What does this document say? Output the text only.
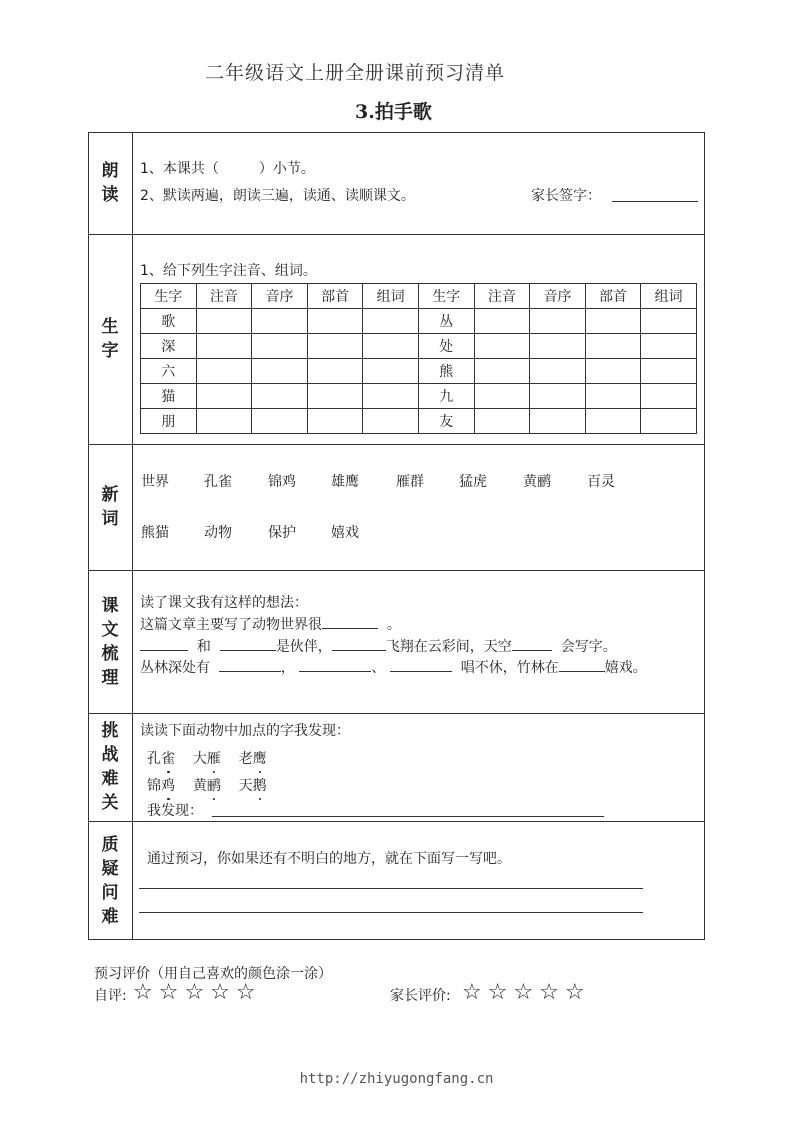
二年级语文上册全册课前预习清单
3.拍手歌
朗
读
1、本课共（	）小节。
2、默读两遍，朗读三遍，读通、读顺课文。	家长签字：
生
字
1、给下列生字注音、组词。
生字	注音	音序	部首	组词	生字	注音	音序	部首	组词
歌					丛				
深					处				
六					熊				
猫					九				
朋					友				
新
词
世界	孔雀	锦鸡	雄鹰	雁群	猛虎	黄鹂	百灵
熊猫	动物	保护	嬉戏
课
文
梳
理
读了课文我有这样的想法：
这篇文章主要写了动物世界很	。
和	是伙伴，	飞翔在云彩间，天空	会写字。
丛林深处有	，	、	唱不休，竹林在	嬉戏。
挑
战
难
关
读读下面动物中加点的字我发现：
孔雀 大雁 老鹰
锦鸡 黄鹂 天鹅
我发现：
质
疑
问
难
通过预习，你如果还有不明白的地方，就在下面写一写吧。
预习评价（用自己喜欢的颜色涂一涂）
自评: ☆☆☆☆☆	家长评价: ☆☆☆☆☆
http://zhiyugongfang.cn
